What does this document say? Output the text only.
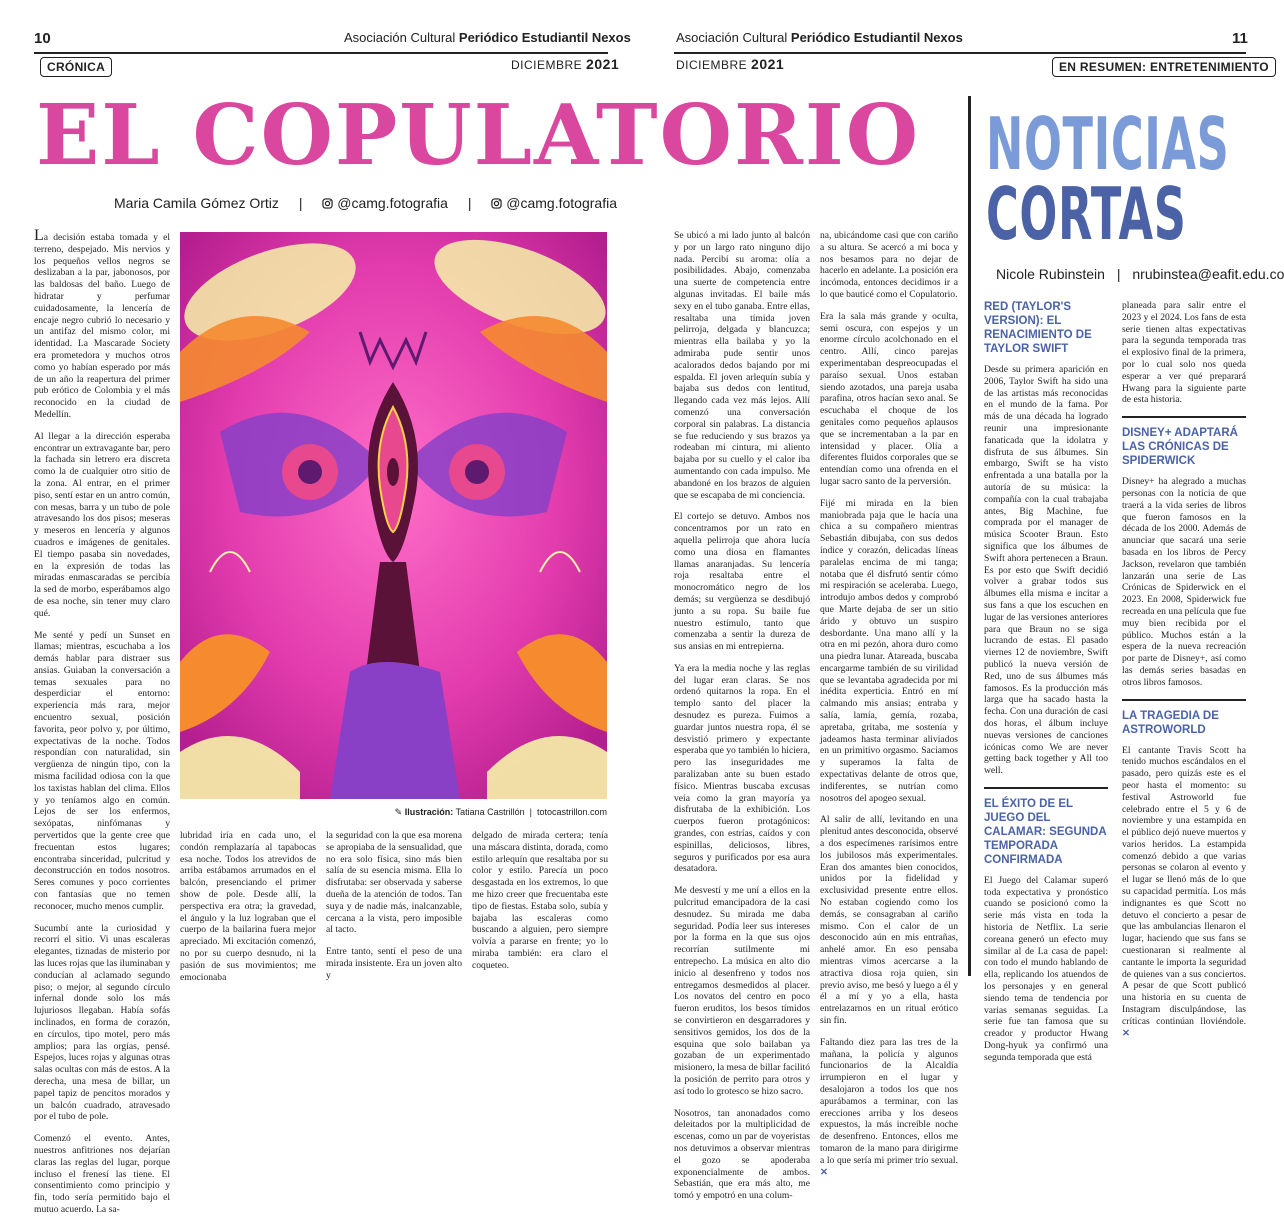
10	Asociación Cultural Periódico Estudiantil Nexos	Asociación Cultural Periódico Estudiantil Nexos	11
CRÓNICA	DICIEMBRE 2021	DICIEMBRE 2021	EN RESUMEN: ENTRETENIMIENTO
EL COPULATORIO
Maria Camila Gómez Ortiz | @camg.fotografia | @camg.fotografia

La decisión estaba tomada y el terreno, despejado. Mis nervios y los pequeños vellos negros se deslizaban a la par, jabonosos, por las baldosas del baño. Luego de hidratar y perfumar cuidadosamente, la lencería de encaje negro cubrió lo necesario y un antifaz del mismo color, mi identidad. La Mascarade Society era prometedora y muchos otros como yo habían esperado por más de un año la reapertura del primer pub erótico de Colombia y el más reconocido en la ciudad de Medellín.

Al llegar a la dirección esperaba encontrar un extravagante bar, pero la fachada sin letrero era discreta como la de cualquier otro sitio de la zona. Al entrar, en el primer piso, sentí estar en un antro común, con mesas, barra y un tubo de pole atravesando los dos pisos; meseras y meseros en lencería y algunos cuadros e imágenes de genitales. El tiempo pasaba sin novedades, en la expresión de todas las miradas enmascaradas se percibía la sed de morbo, esperábamos algo de esa noche, sin tener muy claro qué.

Me senté y pedí un Sunset en llamas; mientras, escuchaba a los demás hablar para distraer sus ansias. Guiaban la conversación a temas sexuales para no desperdiciar el entorno: experiencia más rara, mejor encuentro sexual, posición favorita, peor polvo y, por último, expectativas de la noche. Todos respondían con naturalidad, sin vergüenza de ningún tipo, con la misma facilidad odiosa con la que los taxistas hablan del clima. Ellos y yo teníamos algo en común. Lejos de ser los enfermos, sexópatas, ninfómanas y pervertidos que la gente cree que frecuentan estos lugares; encontraba sinceridad, pulcritud y deconstrucción en todos nosotros. Seres comunes y poco corrientes con fantasías que no temen reconocer, mucho menos cumplir.

Sucumbí ante la curiosidad y recorrí el sitio. Vi unas escaleras elegantes, tiznadas de misterio por las luces rojas que las iluminaban y conducían al aclamado segundo piso; o mejor, al segundo círculo infernal donde solo los más lujuriosos llegaban. Había sofás inclinados, en forma de corazón, en círculos, tipo motel, pero más amplios; para las orgías, pensé. Espejos, luces rojas y algunas otras salas ocultas con más de estos. A la derecha, una mesa de billar, un papel tapiz de pencitos morados y un balcón cuadrado, atravesado por el tubo de pole.

Comenzó el evento. Antes, nuestros anfitriones nos dejarían claras las reglas del lugar, porque incluso el frenesí las tiene. El consentimiento como principio y fin, todo sería permitido bajo el mutuo acuerdo. La sa-

✎ Ilustración: Tatiana Castrillón  |  totocastrillon.com

lubridad iría en cada uno, el condón remplazaría al tapabocas esa noche. Todos los atrevidos de arriba estábamos arrumados en el balcón, presenciando el primer show de pole. Desde allí, la perspectiva era otra; la gravedad, el ángulo y la luz lograban que el cuerpo de la bailarina fuera mejor apreciado. Mi excitación comenzó, no por su cuerpo desnudo, ni la pasión de sus movimientos; me emocionaba

la seguridad con la que esa morena se apropiaba de la sensualidad, que no era solo física, sino más bien salía de su esencia misma. Ella lo disfrutaba: ser observada y saberse dueña de la atención de todos. Tan suya y de nadie más, inalcanzable, cercana a la vista, pero imposible al tacto.

Entre tanto, sentí el peso de una mirada insistente. Era un joven alto y

delgado de mirada certera; tenía una máscara distinta, dorada, como estilo arlequín que resaltaba por su color y estilo. Parecía un poco desgastada en los extremos, lo que me hizo creer que frecuentaba este tipo de fiestas. Estaba solo, subía y bajaba las escaleras como buscando a alguien, pero siempre volvía a pararse en frente; yo lo miraba también: era claro el coqueteo.

Se ubicó a mi lado junto al balcón y por un largo rato ninguno dijo nada. Percibí su aroma: olía a posibilidades. Abajo, comenzaba una suerte de competencia entre algunas invitadas. El baile más sexy en el tubo ganaba. Entre ellas, resaltaba una tímida joven pelirroja, delgada y blancuzca; mientras ella bailaba y yo la admiraba pude sentir unos acalorados dedos bajando por mi espalda. El joven arlequín subía y bajaba sus dedos con lentitud, llegando cada vez más lejos. Allí comenzó una conversación corporal sin palabras. La distancia se fue reduciendo y sus brazos ya rodeaban mi cintura, mi aliento bajaba por su cuello y el calor iba aumentando con cada impulso. Me abandoné en los brazos de alguien que se escapaba de mi conciencia.

El cortejo se detuvo. Ambos nos concentramos por un rato en aquella pelirroja que ahora lucía como una diosa en flamantes llamas anaranjadas. Su lencería roja resaltaba entre el monocromático negro de los demás; su vergüenza se desdibujó junto a su ropa. Su baile fue nuestro estímulo, tanto que comenzaba a sentir la dureza de sus ansias en mi entrepierna.

Ya era la media noche y las reglas del lugar eran claras. Se nos ordenó quitarnos la ropa. En el templo santo del placer la desnudez es pureza. Fuimos a guardar juntos nuestra ropa, él se desvistió primero y expectante esperaba que yo también lo hiciera, pero las inseguridades me paralizaban ante su buen estado físico. Mientras buscaba excusas veía como la gran mayoría ya disfrutaba de la exhibición. Los cuerpos fueron protagónicos: grandes, con estrías, caídos y con espinillas, deliciosos, libres, seguros y purificados por esa aura desatadora.

Me desvestí y me uní a ellos en la pulcritud emancipadora de la casi desnudez. Su mirada me daba seguridad. Podía leer sus intereses por la forma en la que sus ojos recorrían sutilmente mi entrepecho. La música en alto dio inicio al desenfreno y todos nos entregamos desmedidos al placer. Los novatos del centro en poco fueron eruditos, los besos tímidos se convirtieron en desgarradores y sensitivos gemidos, los dos de la esquina que solo bailaban ya gozaban de un experimentado misionero, la mesa de billar facilitó la posición de perrito para otros y así todo lo grotesco se hizo sacro.

Nosotros, tan anonadados como deleitados por la multiplicidad de escenas, como un par de voyeristas nos detuvimos a observar mientras el gozo se apoderaba exponencialmente de ambos. Sebastián, que era más alto, me tomó y empotró en una colum-

na, ubicándome casi que con cariño a su altura. Se acercó a mi boca y nos besamos para no dejar de hacerlo en adelante. La posición era incómoda, entonces decidimos ir a lo que bauticé como el Copulatorio.

Era la sala más grande y oculta, semi oscura, con espejos y un enorme círculo acolchonado en el centro. Allí, cinco parejas experimentaban despreocupadas el paraíso sexual. Unos estaban siendo azotados, una pareja usaba parafina, otros hacían sexo anal. Se escuchaba el choque de los genitales como pequeños aplausos que se incrementaban a la par en intensidad y placer. Olía a diferentes fluidos corporales que se entendían como una ofrenda en el lugar sacro santo de la perversión.

Fijé mi mirada en la bien maniobrada paja que le hacía una chica a su compañero mientras Sebastián dibujaba, con sus dedos índice y corazón, delicadas líneas paralelas encima de mi tanga; notaba que él disfrutó sentir cómo mi respiración se aceleraba. Luego, introdujo ambos dedos y comprobó que Marte dejaba de ser un sitio árido y obtuvo un suspiro desbordante. Una mano allí y la otra en mi pezón, ahora duro como una piedra lunar. Atareada, buscaba encargarme también de su virilidad que se levantaba agradecida por mi inédita experticia. Entró en mí calmando mis ansias; entraba y salía, lamía, gemía, rozaba, apretaba, gritaba, me sostenía y jadeamos hasta terminar aliviados en un primitivo orgasmo. Saciamos y superamos la falta de expectativas delante de otros que, indiferentes, se nutrían como nosotros del apogeo sexual.

Al salir de allí, levitando en una plenitud antes desconocida, observé a dos especímenes rarísimos entre los jubilosos más experimentales. Eran dos amantes bien conocidos, unidos por la fidelidad y exclusividad presente entre ellos. No estaban cogiendo como los demás, se consagraban al cariño mismo. Con el calor de un desconocido aún en mis entrañas, anhelé amor. En eso pensaba mientras vimos acercarse a la atractiva diosa roja quien, sin previo aviso, me besó y luego a él y él a mí y yo a ella, hasta entrelazarnos en un ritual erótico sin fin.

Faltando diez para las tres de la mañana, la policía y algunos funcionarios de la Alcaldía irrumpieron en el lugar y desalojaron a todos los que nos apurábamos a terminar, con las erecciones arriba y los deseos expuestos, la más increíble noche de desenfreno. Entonces, ellos me tomaron de la mano para dirigirme a lo que sería mi primer trío sexual. ✕

NOTICIAS
CORTAS
Nicole Rubinstein | nrubinstea@eafit.edu.co
RED (TAYLOR'S VERSION): EL RENACIMIENTO DE TAYLOR SWIFT

Desde su primera aparición en 2006, Taylor Swift ha sido una de las artistas más reconocidas en el mundo de la fama. Por más de una década ha logrado reunir una impresionante fanaticada que la idolatra y disfruta de sus álbumes. Sin embargo, Swift se ha visto enfrentada a una batalla por la autoría de su música: la compañía con la cual trabajaba antes, Big Machine, fue comprada por el manager de música Scooter Braun. Esto significa que los álbumes de Swift ahora pertenecen a Braun. Es por esto que Swift decidió volver a grabar todos sus álbumes ella misma e incitar a sus fans a que los escuchen en lugar de las versiones anteriores para que Braun no se siga lucrando de estas. El pasado viernes 12 de noviembre, Swift publicó la nueva versión de Red, uno de sus álbumes más famosos. Es la producción más larga que ha sacado hasta la fecha. Con una duración de casi dos horas, el álbum incluye nuevas versiones de canciones icónicas como We are never getting back together y All too well.

EL ÉXITO DE EL JUEGO DEL CALAMAR: SEGUNDA TEMPORADA CONFIRMADA

El Juego del Calamar superó toda expectativa y pronóstico cuando se posicionó como la serie más vista en toda la historia de Netflix. La serie coreana generó un efecto muy similar al de La casa de papel: con todo el mundo hablando de ella, replicando los atuendos de los personajes y en general siendo tema de tendencia por varias semanas seguidas. La serie fue tan famosa que su creador y productor Hwang Dong-hyuk ya confirmó una segunda temporada que está

planeada para salir entre el 2023 y el 2024. Los fans de esta serie tienen altas expectativas para la segunda temporada tras el explosivo final de la primera, por lo cual solo nos queda esperar a ver qué preparará Hwang para la siguiente parte de esta historia.

DISNEY+ ADAPTARÁ LAS CRÓNICAS DE SPIDERWICK

Disney+ ha alegrado a muchas personas con la noticia de que traerá a la vida series de libros que fueron famosos en la década de los 2000. Además de anunciar que sacará una serie basada en los libros de Percy Jackson, revelaron que también lanzarán una serie de Las Crónicas de Spiderwick en el 2023. En 2008, Spiderwick fue recreada en una película que fue muy bien recibida por el público. Muchos están a la espera de la nueva recreación por parte de Disney+, así como las demás series basadas en otros libros famosos.

LA TRAGEDIA DE ASTROWORLD

El cantante Travis Scott ha tenido muchos escándalos en el pasado, pero quizás este es el peor hasta el momento: su festival Astroworld fue celebrado entre el 5 y 6 de noviembre y una estampida en el público dejó nueve muertos y varios heridos. La estampida comenzó debido a que varias personas se colaron al evento y el lugar se llenó más de lo que su capacidad permitía. Los más indignantes es que Scott no detuvo el concierto a pesar de que las ambulancias llenaron el lugar, haciendo que sus fans se cuestionaran si realmente al cantante le importa la seguridad de quienes van a sus conciertos. A pesar de que Scott publicó una historia en su cuenta de Instagram disculpándose, las críticas continúan lloviéndole. ✕
